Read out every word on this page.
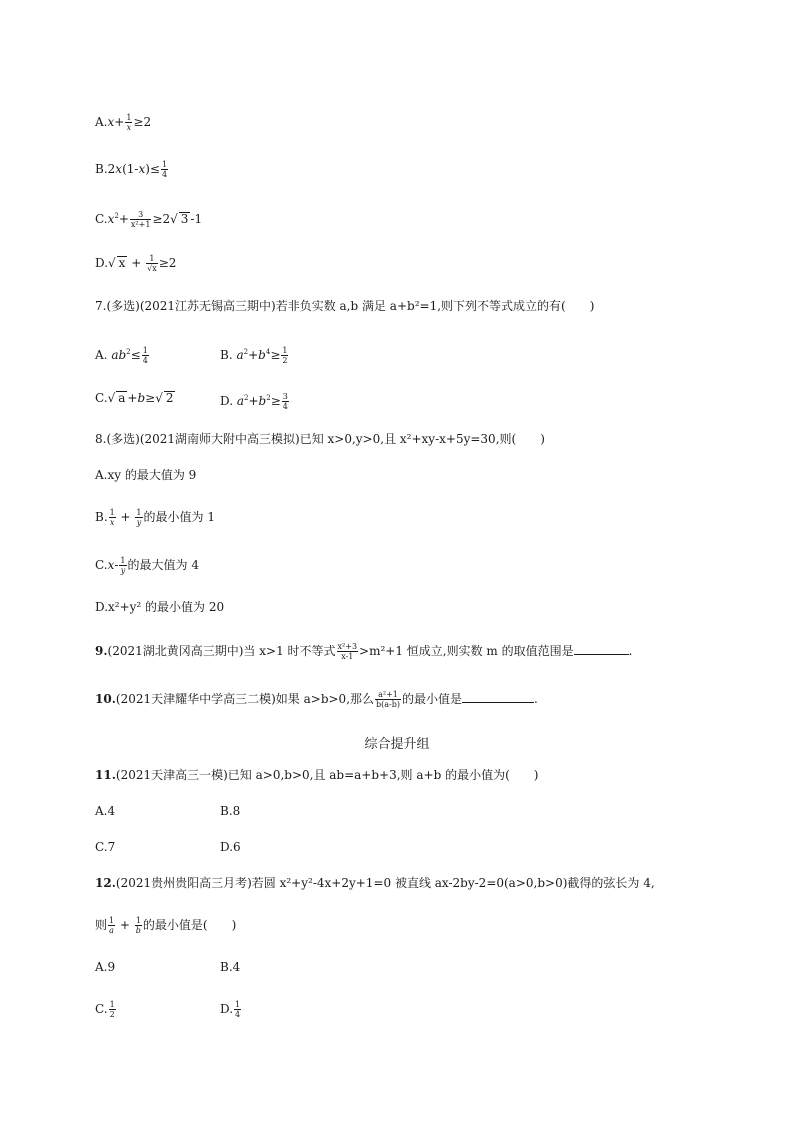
$A.x+ \frac{1}{x} \ge 2$
$B.2x(1-x)\le \frac{1}{4}$
$C.x^2+ \frac{3}{\text{x²+1}} \ge 2√$ 3 -1
D.√ $x + \frac{1}{√x} \ge 2$
7.(多选)(2021江苏无锡高三期中)若非负实数 a,b 满足 a+b²=1,则下列不等式成立的有(　　)
A. $ab^2\le \frac{1}{4}$	B. $a^2+b^4\ge \frac{1}{2}$
C.√ a +b≥√ 2	D. $a^2+b^2\ge \frac{3}{4}$
8.(多选)(2021湖南师大附中高三模拟)已知 x>0,y>0,且 x²+xy-x+5y=30,则(　　)
A.xy 的最大值为 9
B. $\frac{1}{x} + \frac{1}{y}$ 的最小值为 1
$C.x- \frac{1}{y}$ 的最大值为 4
D.x²+y² 的最小值为 20
9.(2021湖北黄冈高三期中)当 x>1 时不等式 $\frac{\text{x²+3}}{x-1} >m^2+1$ 恒成立,则实数 m 的取值范围是	.
10.(2021天津耀华中学高三二模)如果 a>b>0,那么 $\frac{\text{a²+1}}{b(a-b)}$ 的最小值是	.
综合提升组
11.(2021天津高三一模)已知 a>0,b>0,且 ab=a+b+3,则 a+b 的最小值为(　　)
A.4	B.8
C.7	D.6
12.(2021贵州贵阳高三月考)若圆 x²+y²-4x+2y+1=0 被直线 ax-2by-2=0(a>0,b>0)截得的弦长为 4,
则 $\frac{1}{a} + \frac{1}{b}$ 的最小值是(　　)
A.9	B.4
C. $\frac{1}{2}$	D. $\frac{1}{4}$
